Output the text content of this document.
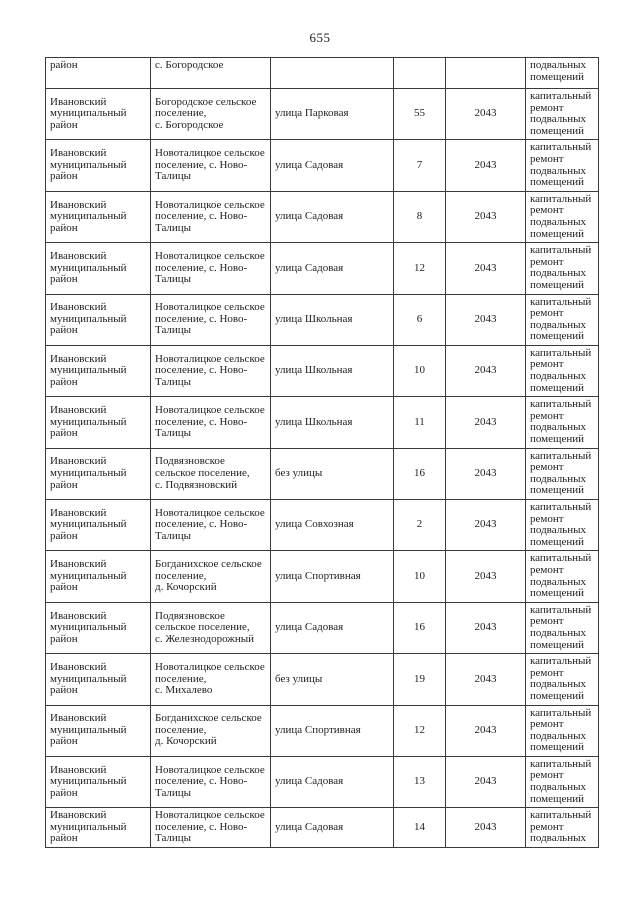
655
район	с. Богородское				подвальных помещений
Ивановский муниципальный район	Богородское сельское поселение, с. Богородское	улица Парковая	55	2043	капитальный ремонт подвальных помещений
Ивановский муниципальный район	Новоталицкое сельское поселение, с. Ново-Талицы	улица Садовая	7	2043	капитальный ремонт подвальных помещений
Ивановский муниципальный район	Новоталицкое сельское поселение, с. Ново-Талицы	улица Садовая	8	2043	капитальный ремонт подвальных помещений
Ивановский муниципальный район	Новоталицкое сельское поселение, с. Ново-Талицы	улица Садовая	12	2043	капитальный ремонт подвальных помещений
Ивановский муниципальный район	Новоталицкое сельское поселение, с. Ново-Талицы	улица Школьная	6	2043	капитальный ремонт подвальных помещений
Ивановский муниципальный район	Новоталицкое сельское поселение, с. Ново-Талицы	улица Школьная	10	2043	капитальный ремонт подвальных помещений
Ивановский муниципальный район	Новоталицкое сельское поселение, с. Ново-Талицы	улица Школьная	11	2043	капитальный ремонт подвальных помещений
Ивановский муниципальный район	Подвязновское сельское поселение, с. Подвязновский	без улицы	16	2043	капитальный ремонт подвальных помещений
Ивановский муниципальный район	Новоталицкое сельское поселение, с. Ново-Талицы	улица Совхозная	2	2043	капитальный ремонт подвальных помещений
Ивановский муниципальный район	Богданихское сельское поселение, д. Кочорский	улица Спортивная	10	2043	капитальный ремонт подвальных помещений
Ивановский муниципальный район	Подвязновское сельское поселение, с. Железнодорожный	улица Садовая	16	2043	капитальный ремонт подвальных помещений
Ивановский муниципальный район	Новоталицкое сельское поселение, с. Михалево	без улицы	19	2043	капитальный ремонт подвальных помещений
Ивановский муниципальный район	Богданихское сельское поселение, д. Кочорский	улица Спортивная	12	2043	капитальный ремонт подвальных помещений
Ивановский муниципальный район	Новоталицкое сельское поселение, с. Ново-Талицы	улица Садовая	13	2043	капитальный ремонт подвальных помещений
Ивановский муниципальный район	Новоталицкое сельское поселение, с. Ново-Талицы	улица Садовая	14	2043	капитальный ремонт подвальных
